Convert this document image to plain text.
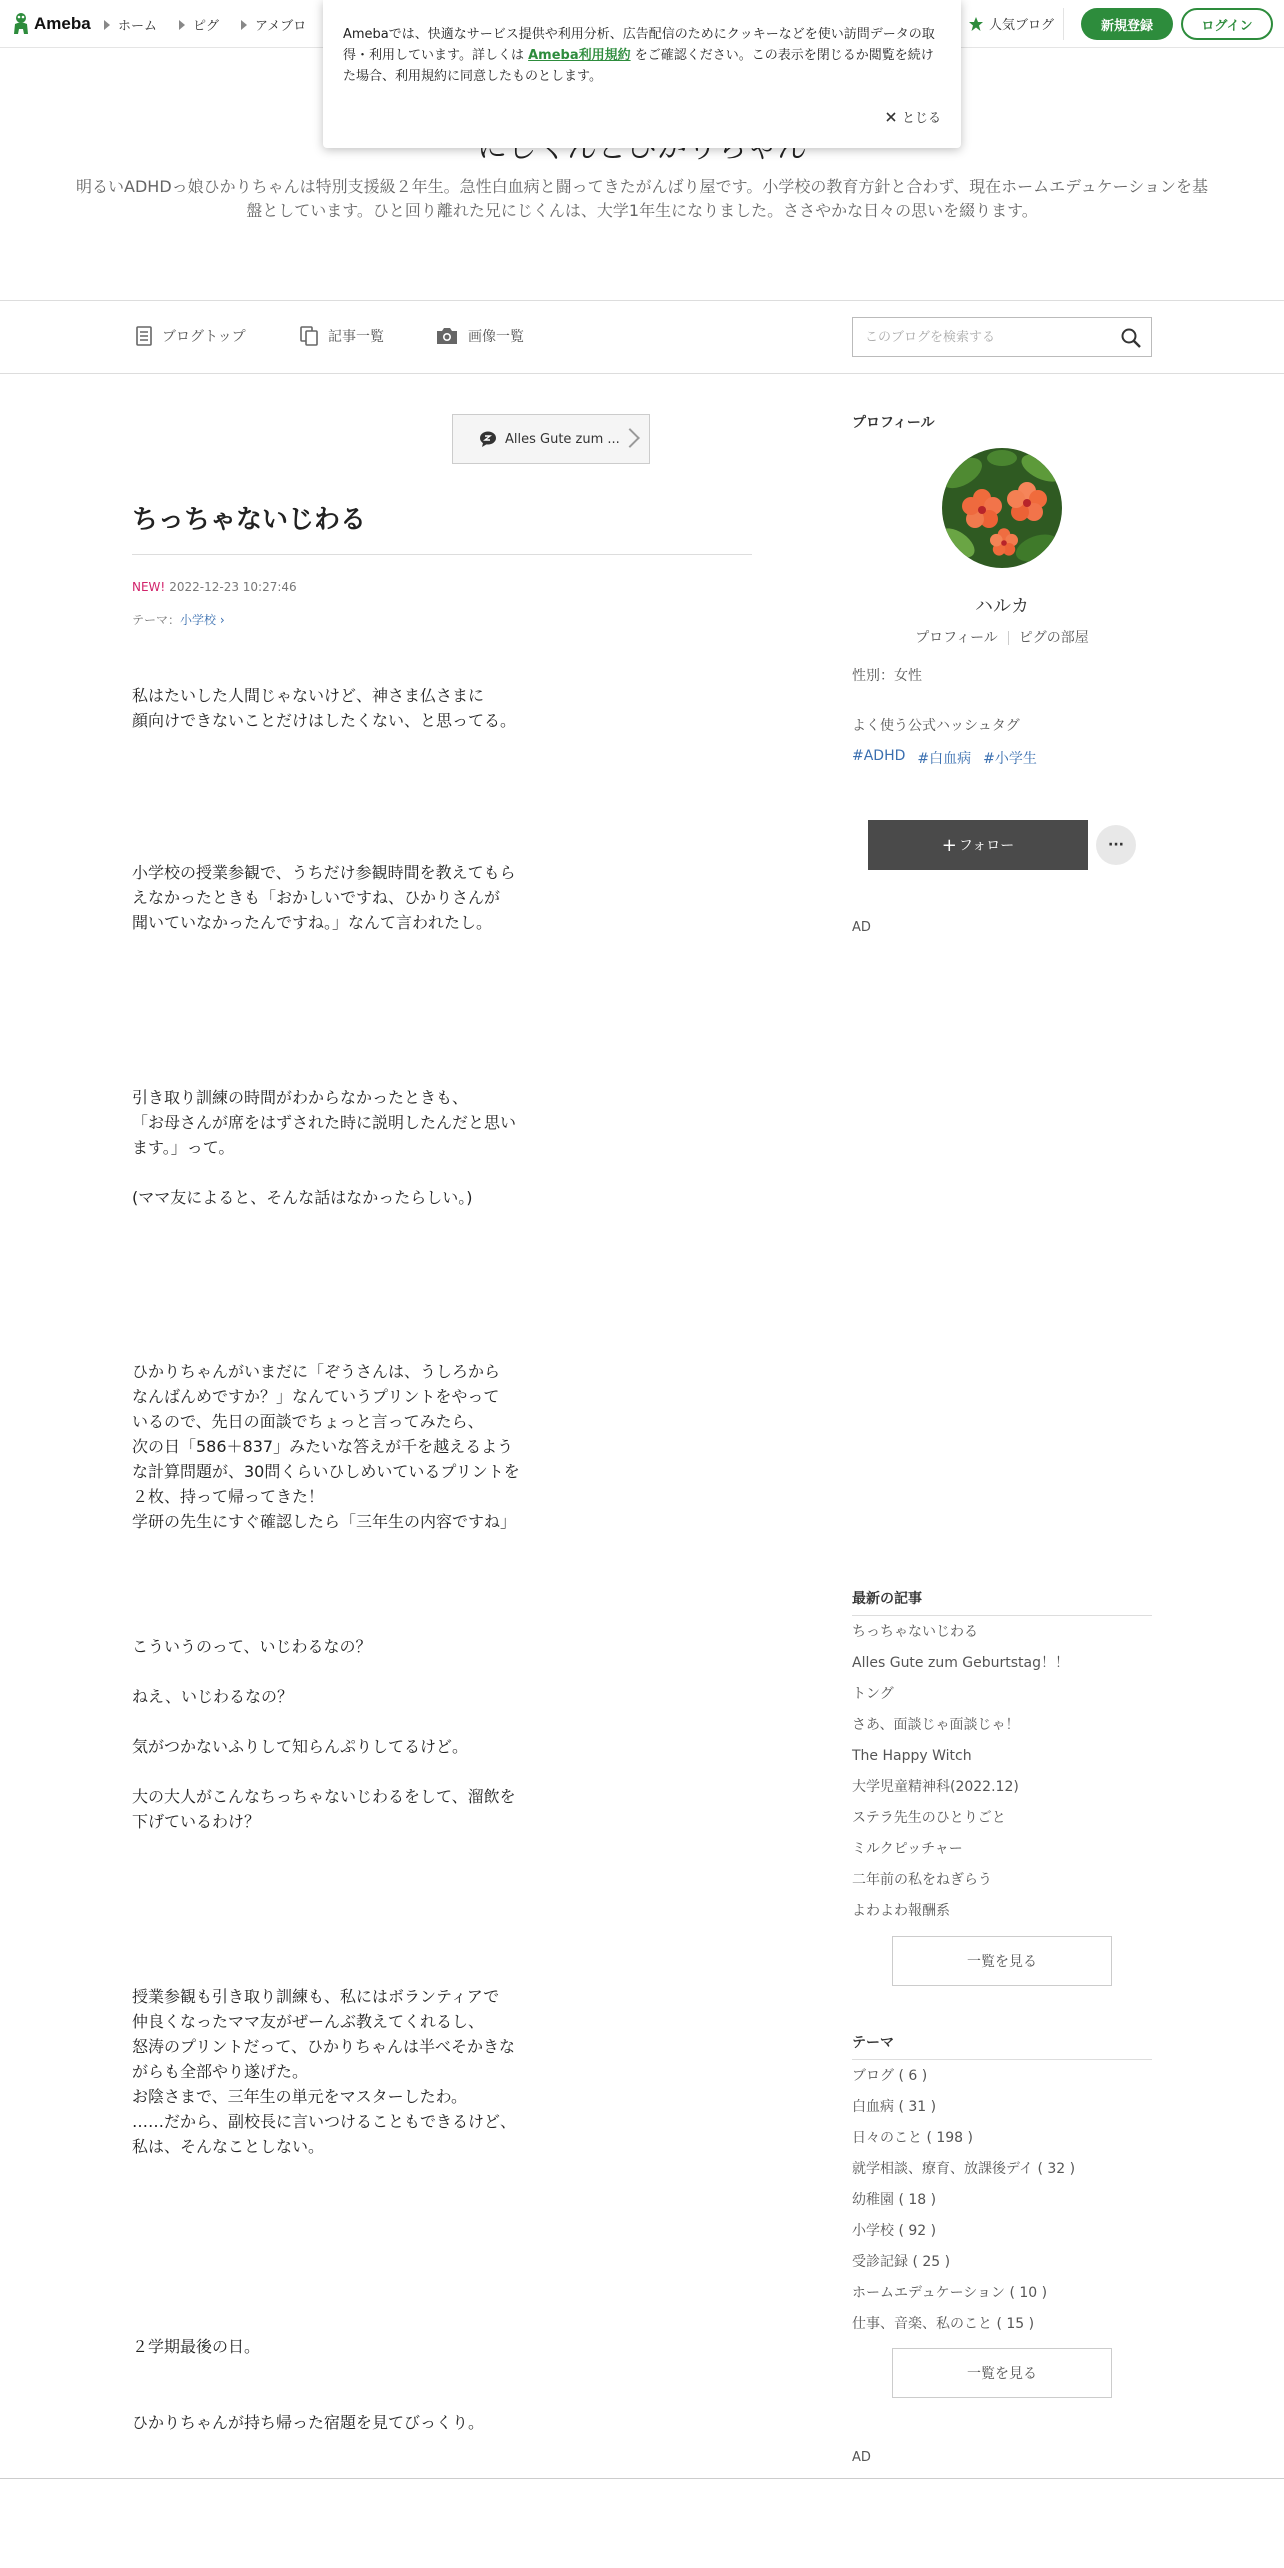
明るいADHDっ娘ひかりちゃんは特別支援級２年生。急性白血病と闘ってきたがんばり屋です。小学校の教育方針と合わず、現在ホームエデュケーションを基盤としています。ひと回り離れた兄にじくんは、大学1年生になりました。ささやかな日々の思いを綴ります。
Ameba ホーム	ピグ	アメブロ	人気ブログ	新規登録	ログイン
Amebaでは、快適なサービス提供や利用分析、広告配信のためにクッキーなどを使い訪問データの取得・利用しています。詳しくは Ameba利用規約 をご確認ください。この表示を閉じるか閲覧を続けた場合、利用規約に同意したものとします。
とじる
ブログトップ	記事一覧	画像一覧
このブログを検索する
Alles Gute zum ...
ちっちゃないじわる
NEW! 2022-12-23 10:27:46
テーマ：小学校 ›
私はたいした人間じゃないけど、神さま仏さまに
顔向けできないことだけはしたくない、と思ってる。
小学校の授業参観で、うちだけ参観時間を教えてもら
えなかったときも「おかしいですね、ひかりさんが
聞いていなかったんですね。」なんて言われたし。
引き取り訓練の時間がわからなかったときも、
「お母さんが席をはずされた時に説明したんだと思い
ます。」って。

(ママ友によると、そんな話はなかったらしい。)
ひかりちゃんがいまだに「ぞうさんは、うしろから
なんばんめですか？」なんていうプリントをやって
いるので、先日の面談でちょっと言ってみたら、
次の日「586＋837」みたいな答えが千を越えるよう
な計算問題が、30問くらいひしめいているプリントを
２枚、持って帰ってきた！
学研の先生にすぐ確認したら「三年生の内容ですね」
こういうのって、いじわるなの？

ねえ、いじわるなの？

気がつかないふりして知らんぷりしてるけど。

大の大人がこんなちっちゃないじわるをして、溜飲を
下げているわけ？
授業参観も引き取り訓練も、私にはボランティアで
仲良くなったママ友がぜーんぶ教えてくれるし、
怒涛のプリントだって、ひかりちゃんは半べそかきな
がらも全部やり遂げた。
お陰さまで、三年生の単元をマスターしたわ。
……だから、副校長に言いつけることもできるけど、
私は、そんなことしない。
２学期最後の日。
ひかりちゃんが持ち帰った宿題を見てびっくり。
プロフィール
ハルカ
プロフィール ピグの部屋
性別：女性
よく使う公式ハッシュタグ
#ADHD #白血病 #小学生
+ フォロー	···
AD
最新の記事
ちっちゃないじわる
Alles Gute zum Geburtstag！！
トング
さあ、面談じゃ面談じゃ！
The Happy Witch
大学児童精神科(2022.12)
ステラ先生のひとりごと
ミルクピッチャー
二年前の私をねぎらう
よわよわ報酬系
一覧を見る
テーマ
ブログ ( 6 )
白血病 ( 31 )
日々のこと ( 198 )
就学相談、療育、放課後デイ ( 32 )
幼稚園 ( 18 )
小学校 ( 92 )
受診記録 ( 25 )
ホームエデュケーション ( 10 )
仕事、音楽、私のこと ( 15 )
一覧を見る
AD
